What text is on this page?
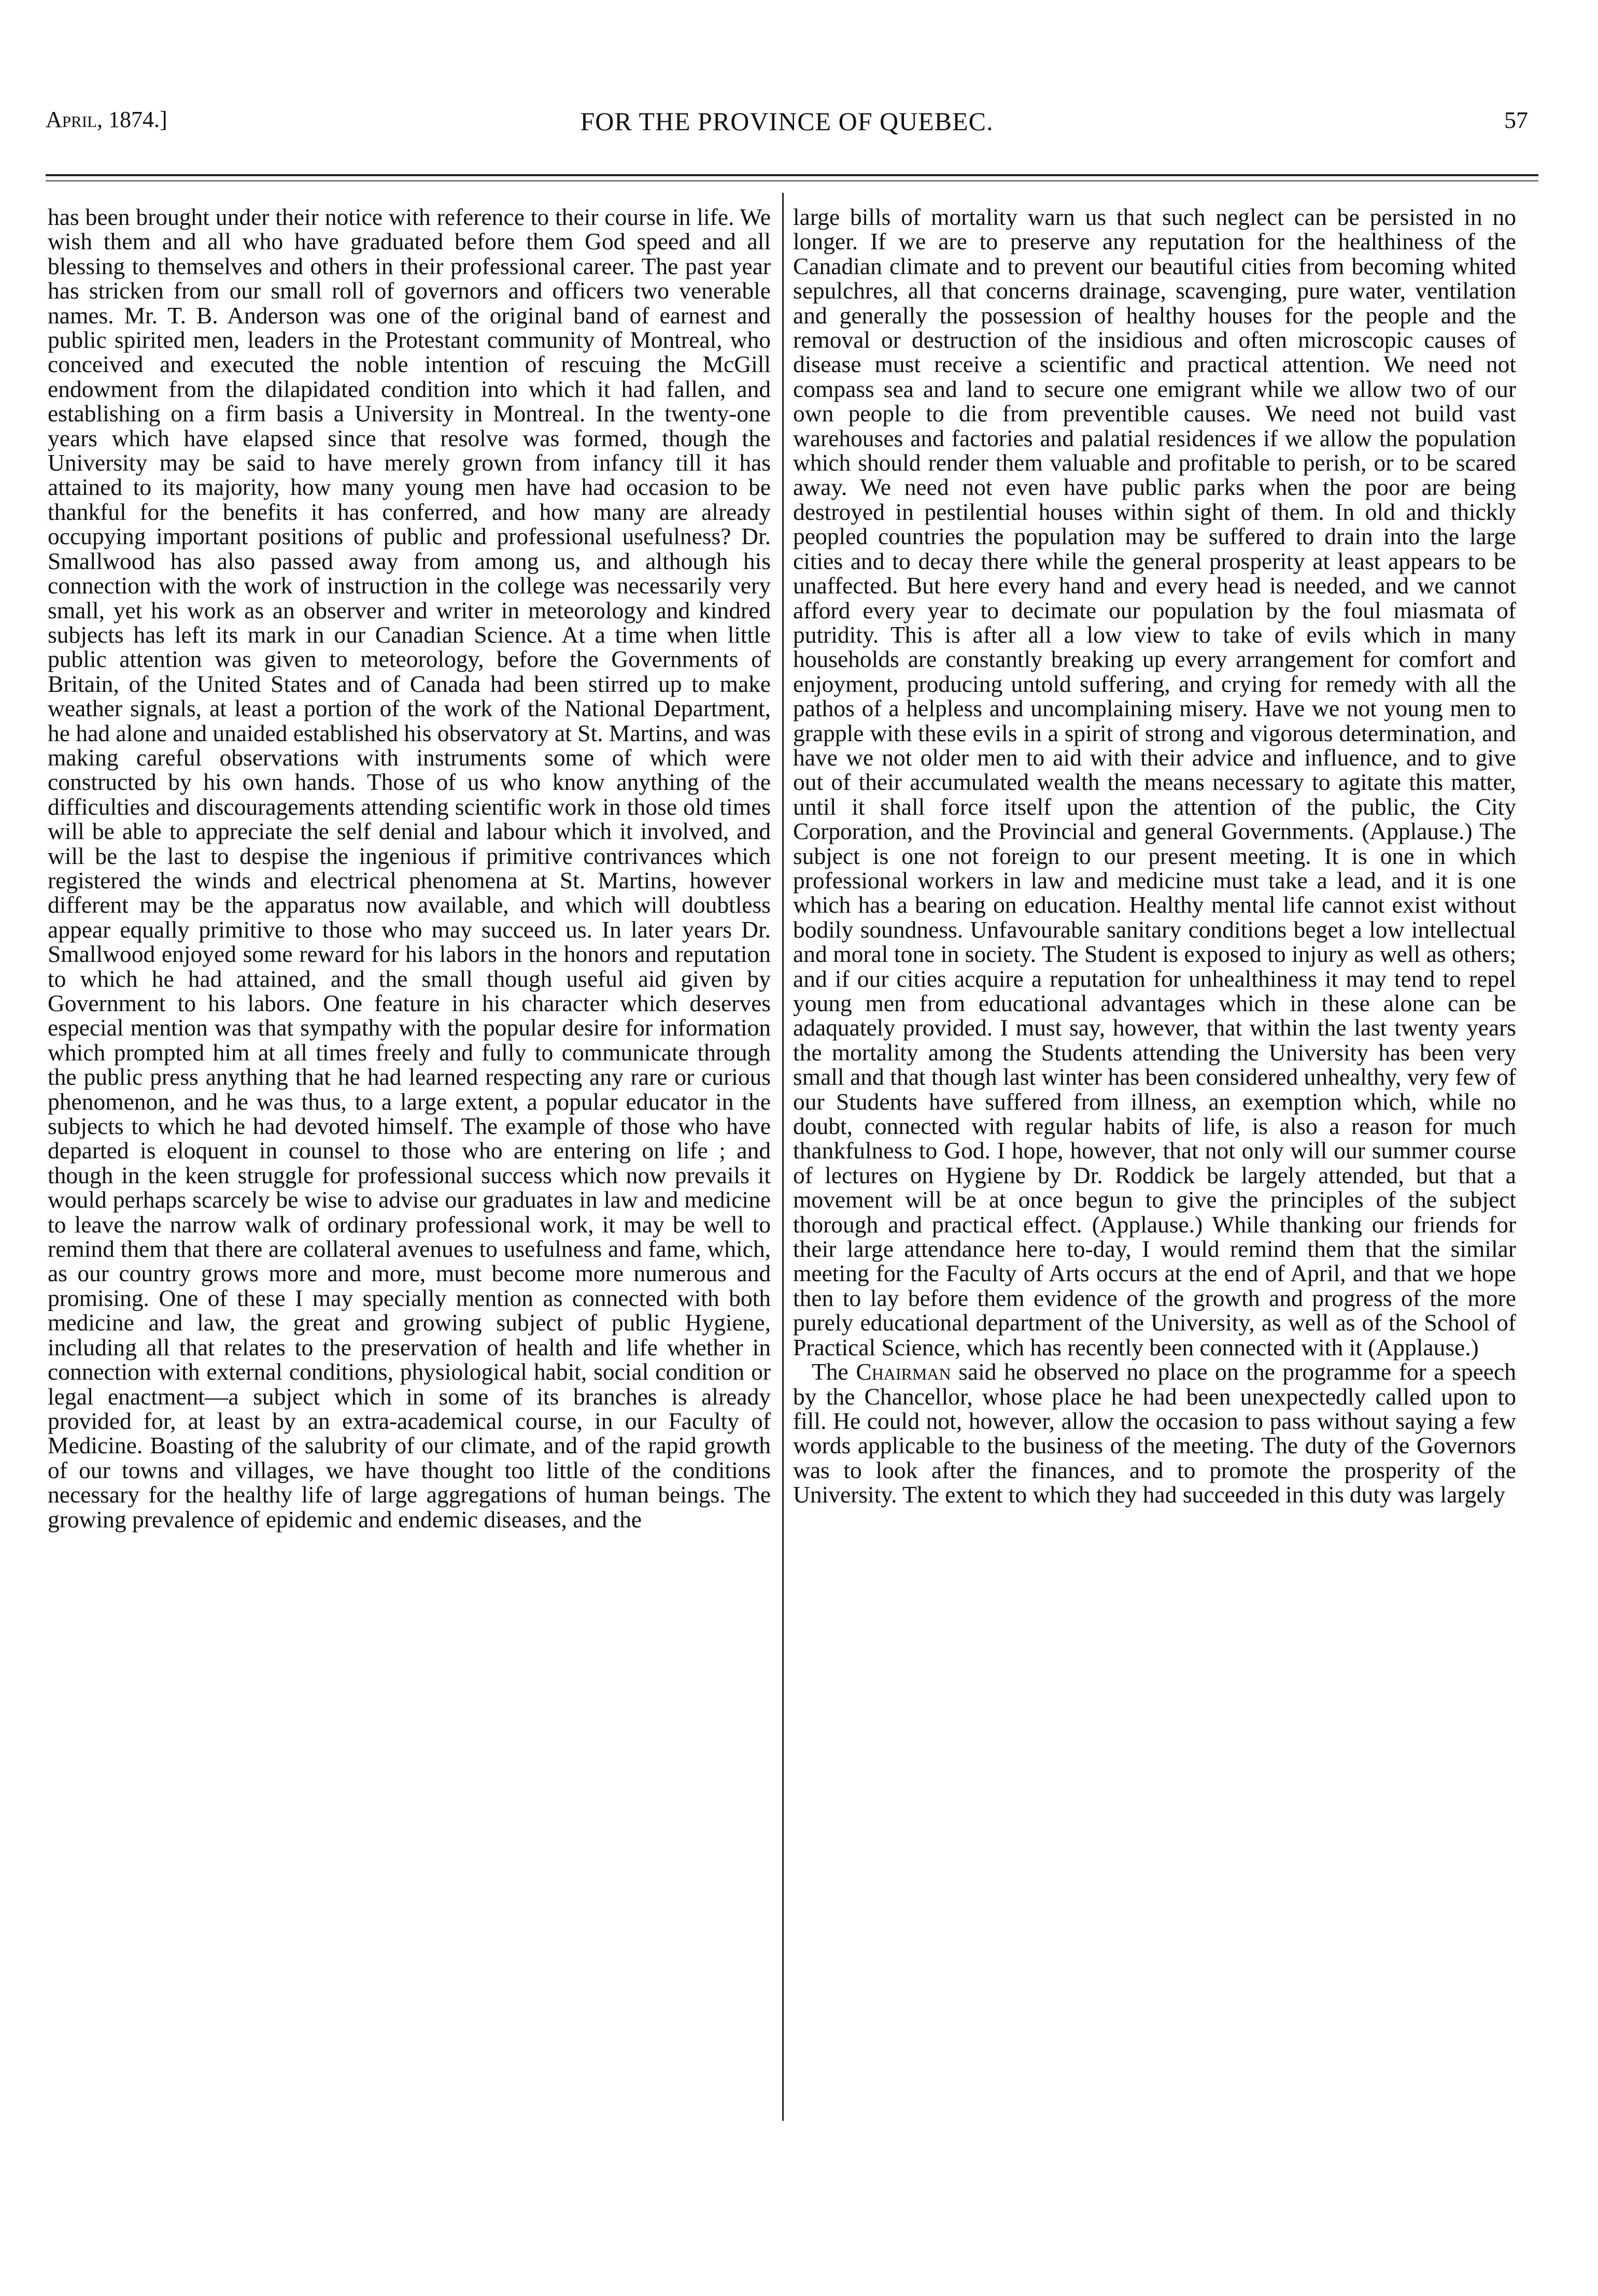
April, 1874.]	FOR THE PROVINCE OF QUEBEC.	57

has been brought under their notice with reference to their course in life. We wish them and all who have graduated before them God speed and all blessing to themselves and others in their professional career. The past year has stricken from our small roll of governors and officers two venerable names. Mr. T. B. Anderson was one of the original band of earnest and public spirited men, leaders in the Protestant community of Montreal, who conceived and executed the noble intention of rescuing the McGill endowment from the dilapidated condition into which it had fallen, and establishing on a firm basis a University in Montreal. In the twenty-one years which have elapsed since that resolve was formed, though the University may be said to have merely grown from infancy till it has attained to its majority, how many young men have had occasion to be thankful for the benefits it has conferred, and how many are already occupying important positions of public and professional usefulness? Dr. Smallwood has also passed away from among us, and although his connection with the work of instruction in the college was necessarily very small, yet his work as an observer and writer in meteorology and kindred subjects has left its mark in our Canadian Science. At a time when little public attention was given to meteorology, before the Governments of Britain, of the United States and of Canada had been stirred up to make weather signals, at least a portion of the work of the National Department, he had alone and unaided established his observatory at St. Martins, and was making careful observations with instruments some of which were constructed by his own hands. Those of us who know anything of the difficulties and discouragements attending scientific work in those old times will be able to appreciate the self denial and labour which it involved, and will be the last to despise the ingenious if primitive contrivances which registered the winds and electrical phenomena at St. Martins, however different may be the apparatus now available, and which will doubtless appear equally primitive to those who may succeed us. In later years Dr. Smallwood enjoyed some reward for his labors in the honors and reputation to which he had attained, and the small though useful aid given by Government to his labors. One feature in his character which deserves especial mention was that sympathy with the popular desire for information which prompted him at all times freely and fully to communicate through the public press anything that he had learned respecting any rare or curious phenomenon, and he was thus, to a large extent, a popular educator in the subjects to which he had devoted himself. The example of those who have departed is eloquent in counsel to those who are entering on life ; and though in the keen struggle for professional success which now prevails it would perhaps scarcely be wise to advise our graduates in law and medicine to leave the narrow walk of ordinary professional work, it may be well to remind them that there are collateral avenues to usefulness and fame, which, as our country grows more and more, must become more numerous and promising. One of these I may specially mention as connected with both medicine and law, the great and growing subject of public Hygiene, including all that relates to the preservation of health and life whether in connection with external conditions, physiological habit, social condition or legal enactment—a subject which in some of its branches is already provided for, at least by an extra-academical course, in our Faculty of Medicine. Boasting of the salubrity of our climate, and of the rapid growth of our towns and villages, we have thought too little of the conditions necessary for the healthy life of large aggregations of human beings. The growing prevalence of epidemic and endemic diseases, and the

large bills of mortality warn us that such neglect can be persisted in no longer. If we are to preserve any reputation for the healthiness of the Canadian climate and to prevent our beautiful cities from becoming whited sepulchres, all that concerns drainage, scavenging, pure water, ventilation and generally the possession of healthy houses for the people and the removal or destruction of the insidious and often microscopic causes of disease must receive a scientific and practical attention. We need not compass sea and land to secure one emigrant while we allow two of our own people to die from preventible causes. We need not build vast warehouses and factories and palatial residences if we allow the population which should render them valuable and profitable to perish, or to be scared away. We need not even have public parks when the poor are being destroyed in pestilential houses within sight of them. In old and thickly peopled countries the population may be suffered to drain into the large cities and to decay there while the general prosperity at least appears to be unaffected. But here every hand and every head is needed, and we cannot afford every year to decimate our population by the foul miasmata of putridity. This is after all a low view to take of evils which in many households are constantly breaking up every arrangement for comfort and enjoyment, producing untold suffering, and crying for remedy with all the pathos of a helpless and uncomplaining misery. Have we not young men to grapple with these evils in a spirit of strong and vigorous determination, and have we not older men to aid with their advice and influence, and to give out of their accumulated wealth the means necessary to agitate this matter, until it shall force itself upon the attention of the public, the City Corporation, and the Provincial and general Governments. (Applause.) The subject is one not foreign to our present meeting. It is one in which professional workers in law and medicine must take a lead, and it is one which has a bearing on education. Healthy mental life cannot exist without bodily soundness. Unfavourable sanitary conditions beget a low intellectual and moral tone in society. The Student is exposed to injury as well as others; and if our cities acquire a reputation for unhealthiness it may tend to repel young men from educational advantages which in these alone can be adaquately provided. I must say, however, that within the last twenty years the mortality among the Students attending the University has been very small and that though last winter has been considered unhealthy, very few of our Students have suffered from illness, an exemption which, while no doubt, connected with regular habits of life, is also a reason for much thankfulness to God. I hope, however, that not only will our summer course of lectures on Hygiene by Dr. Roddick be largely attended, but that a movement will be at once begun to give the principles of the subject thorough and practical effect. (Applause.) While thanking our friends for their large attendance here to-day, I would remind them that the similar meeting for the Faculty of Arts occurs at the end of April, and that we hope then to lay before them evidence of the growth and progress of the more purely educational department of the University, as well as of the School of Practical Science, which has recently been connected with it (Applause.)

The Chairman said he observed no place on the programme for a speech by the Chancellor, whose place he had been unexpectedly called upon to fill. He could not, however, allow the occasion to pass without saying a few words applicable to the business of the meeting. The duty of the Governors was to look after the finances, and to promote the prosperity of the University. The extent to which they had succeeded in this duty was largely
